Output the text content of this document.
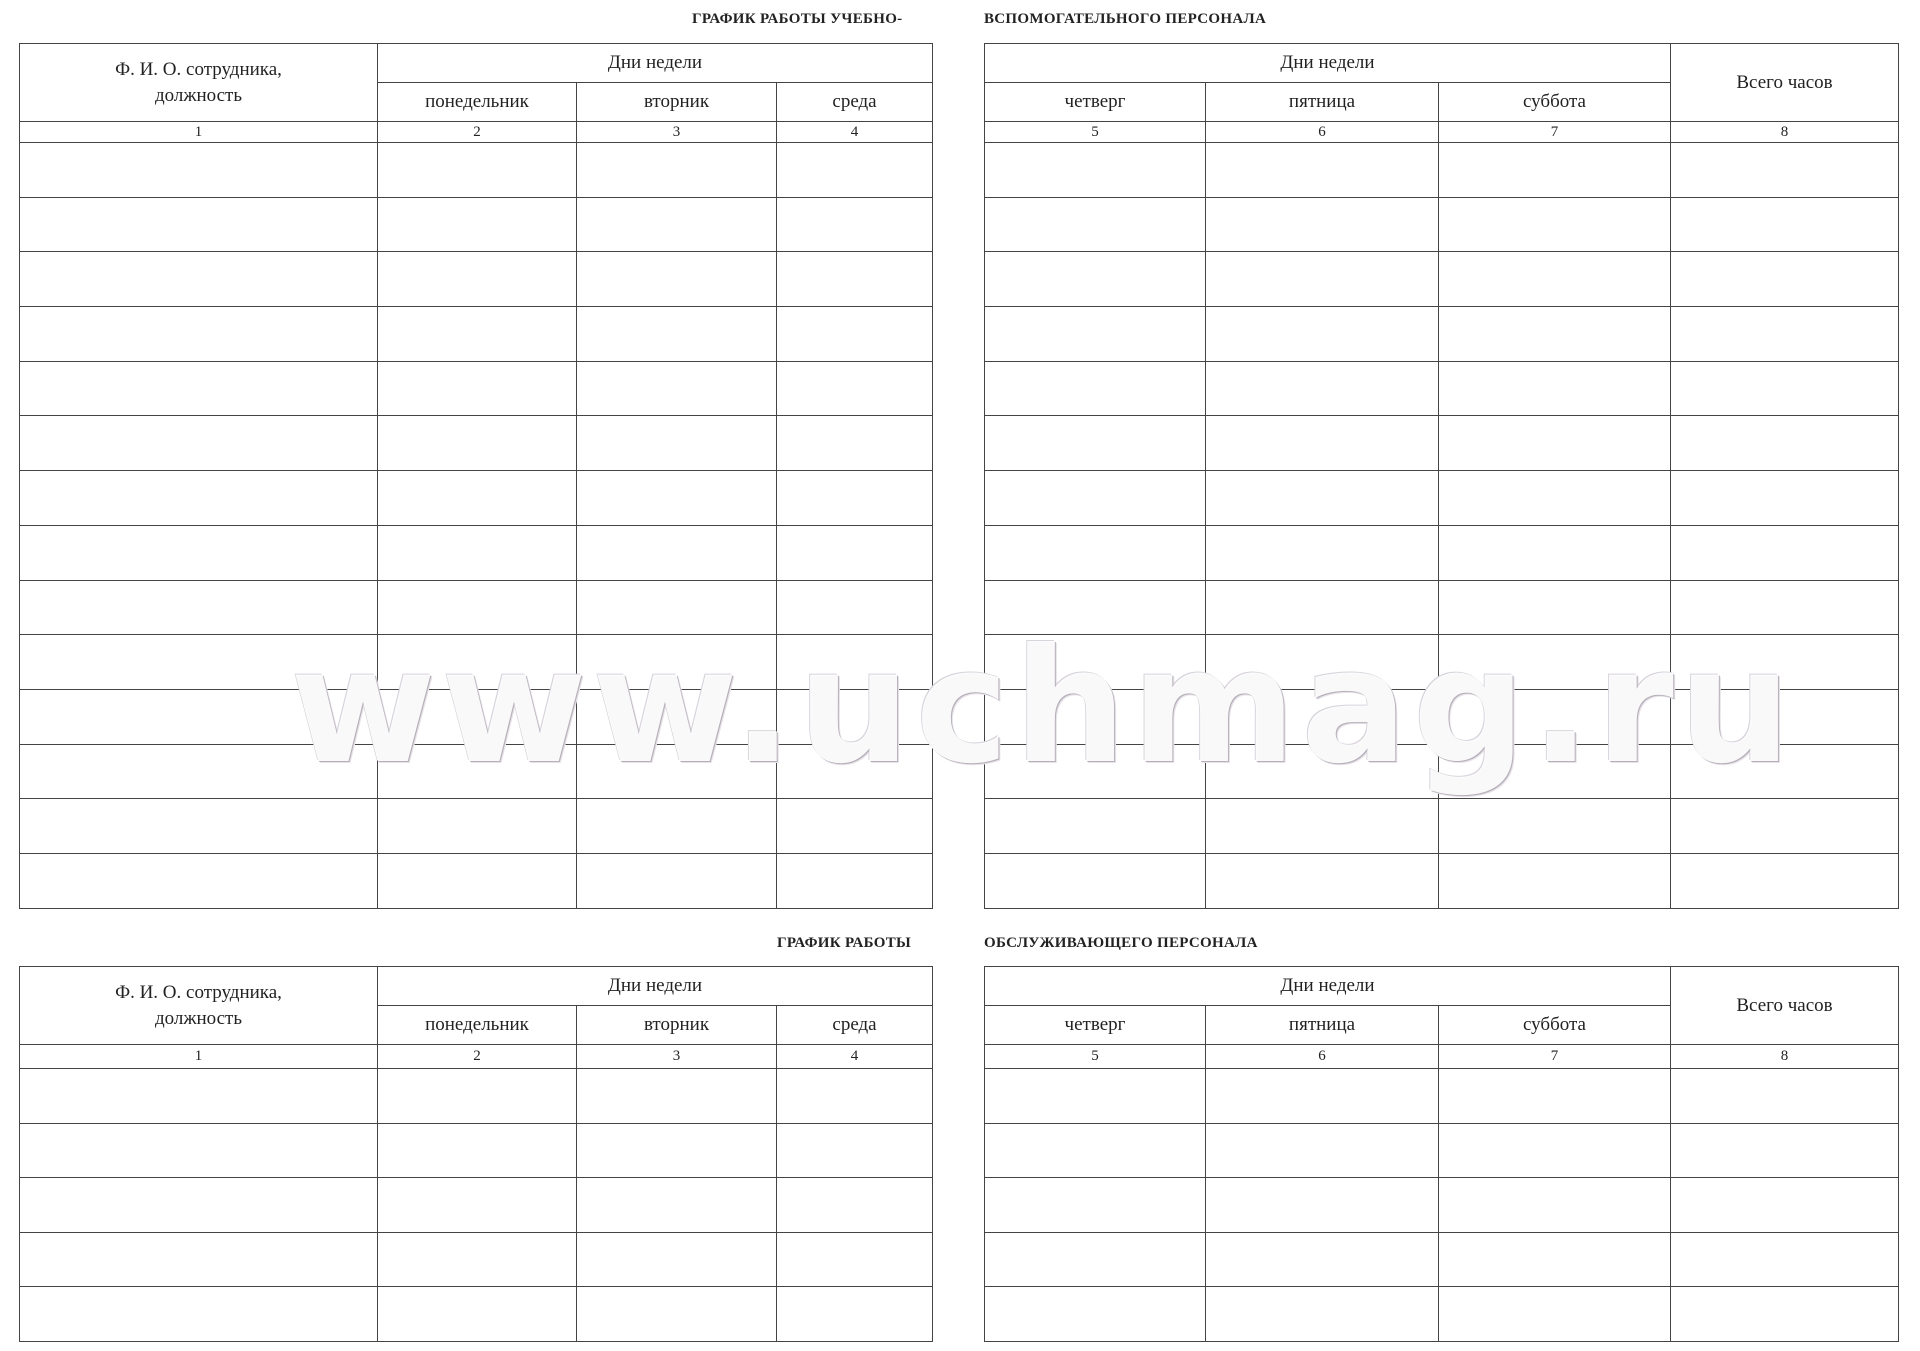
ГРАФИК РАБОТЫ УЧЕБНО-	ВСПОМОГАТЕЛЬНОГО ПЕРСОНАЛА
ГРАФИК РАБОТЫ	ОБСЛУЖИВАЮЩЕГО ПЕРСОНАЛА
Ф. И. О. сотрудника, должность	Дни недели		
	понедельник	вторник	среда
1	2	3	4

Дни недели			Всего часов
четверг	пятница	суббота	
5	6	7	8

Ф. И. О. сотрудника, должность	Дни недели		
	понедельник	вторник	среда
1	2	3	4

Дни недели			Всего часов
четверг	пятница	суббота	
5	6	7	8

www.uchmag.ru
